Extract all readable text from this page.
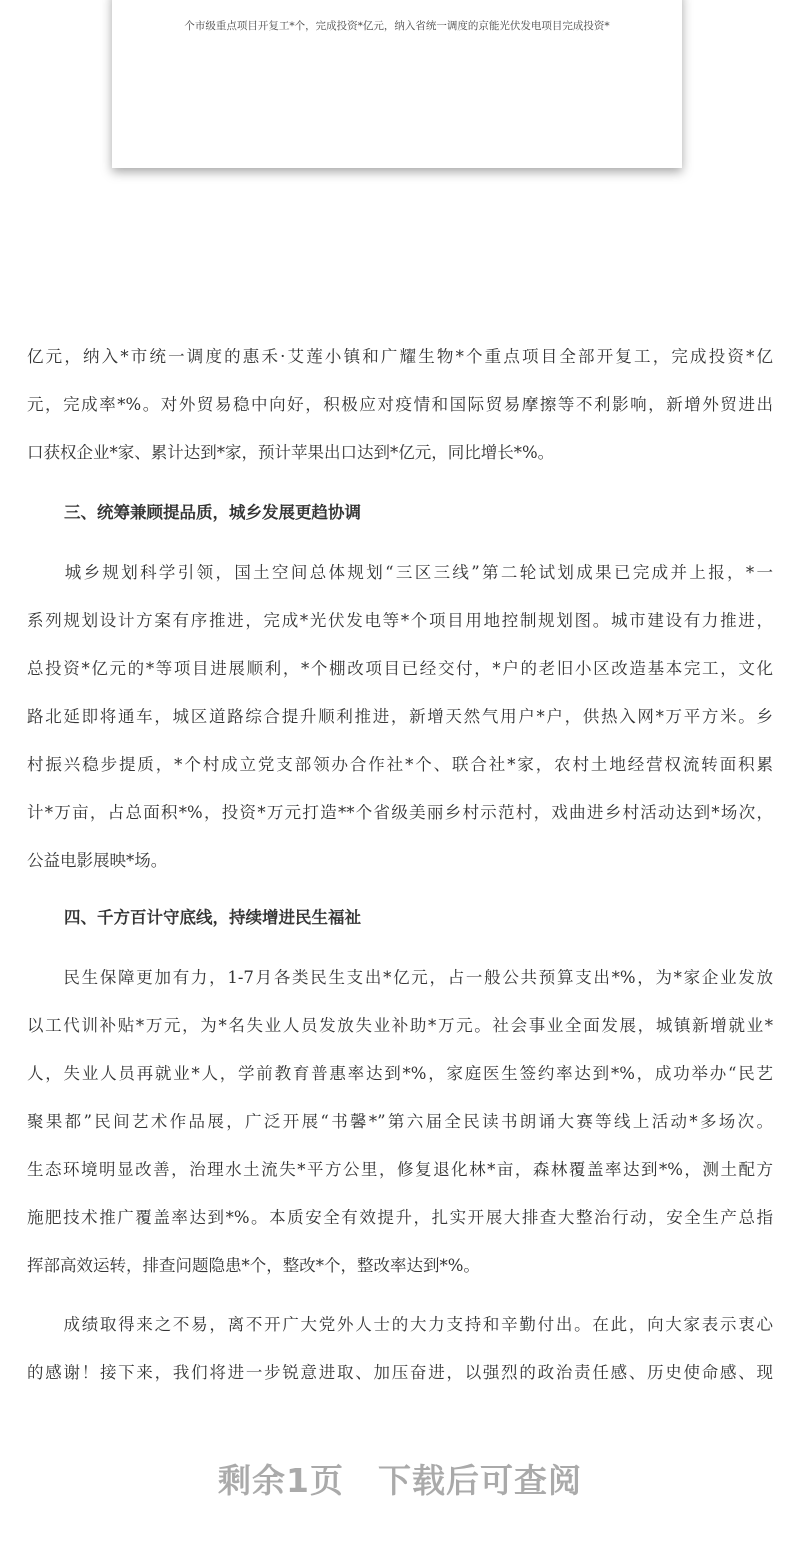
个市级重点项目开复工*个，完成投资*亿元，纳入省统一调度的京能光伏发电项目完成投资*
亿元，纳入*市统一调度的惠禾·艾莲小镇和广耀生物*个重点项目全部开复工，完成投资*亿
元，完成率*%。对外贸易稳中向好，积极应对疫情和国际贸易摩擦等不利影响，新增外贸进出
口获权企业*家、累计达到*家，预计苹果出口达到*亿元，同比增长*%。
三、统筹兼顾提品质，城乡发展更趋协调
　　城乡规划科学引领，国土空间总体规划“三区三线”第二轮试划成果已完成并上报，*一
系列规划设计方案有序推进，完成*光伏发电等*个项目用地控制规划图。城市建设有力推进，
总投资*亿元的*等项目进展顺利，*个棚改项目已经交付，*户的老旧小区改造基本完工，文化
路北延即将通车，城区道路综合提升顺利推进，新增天然气用户*户，供热入网*万平方米。乡
村振兴稳步提质，*个村成立党支部领办合作社*个、联合社*家，农村土地经营权流转面积累
计*万亩，占总面积*%，投资*万元打造**个省级美丽乡村示范村，戏曲进乡村活动达到*场次，
公益电影展映*场。
四、千方百计守底线，持续增进民生福祉
　　民生保障更加有力，1-7月各类民生支出*亿元，占一般公共预算支出*%，为*家企业发放
以工代训补贴*万元，为*名失业人员发放失业补助*万元。社会事业全面发展，城镇新增就业*
人，失业人员再就业*人，学前教育普惠率达到*%，家庭医生签约率达到*%，成功举办“民艺
聚果都”民间艺术作品展，广泛开展“书馨*”第六届全民读书朗诵大赛等线上活动*多场次。
生态环境明显改善，治理水土流失*平方公里，修复退化林*亩，森林覆盖率达到*%，测土配方
施肥技术推广覆盖率达到*%。本质安全有效提升，扎实开展大排查大整治行动，安全生产总指
挥部高效运转，排查问题隐患*个，整改*个，整改率达到*%。
　　成绩取得来之不易，离不开广大党外人士的大力支持和辛勤付出。在此，向大家表示衷心
的感谢！接下来，我们将进一步锐意进取、加压奋进，以强烈的政治责任感、历史使命感、现
剩余1页 下载后可查阅
